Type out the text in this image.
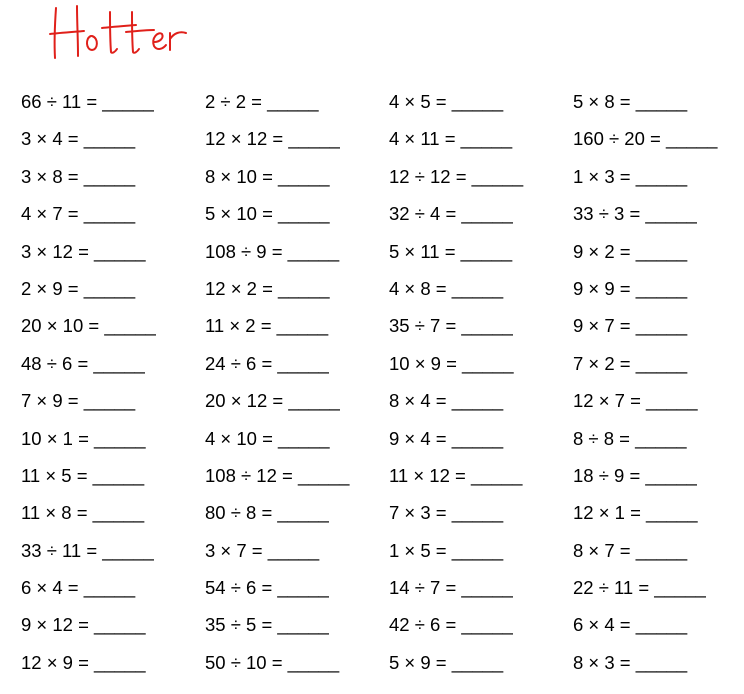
66 ÷ 11 = _____	2 ÷ 2 = _____	4 × 5 = _____	5 × 8 = _____
3 × 4 = _____	12 × 12 = _____	4 × 11 = _____	160 ÷ 20 = _____
3 × 8 = _____	8 × 10 = _____	12 ÷ 12 = _____	1 × 3 = _____
4 × 7 = _____	5 × 10 = _____	32 ÷ 4 = _____	33 ÷ 3 = _____
3 × 12 = _____	108 ÷ 9 = _____	5 × 11 = _____	9 × 2 = _____
2 × 9 = _____	12 × 2 = _____	4 × 8 = _____	9 × 9 = _____
20 × 10 = _____	11 × 2 = _____	35 ÷ 7 = _____	9 × 7 = _____
48 ÷ 6 = _____	24 ÷ 6 = _____	10 × 9 = _____	7 × 2 = _____
7 × 9 = _____	20 × 12 = _____	8 × 4 = _____	12 × 7 = _____
10 × 1 = _____	4 × 10 = _____	9 × 4 = _____	8 ÷ 8 = _____
11 × 5 = _____	108 ÷ 12 = _____ 11 × 12 = _____	18 ÷ 9 = _____
11 × 8 = _____	80 ÷ 8 = _____	7 × 3 = _____	12 × 1 = _____
33 ÷ 11 = _____	3 × 7 = _____	1 × 5 = _____	8 × 7 = _____
6 × 4 = _____	54 ÷ 6 = _____	14 ÷ 7 = _____	22 ÷ 11 = _____
9 × 12 = _____	35 ÷ 5 = _____	42 ÷ 6 = _____	6 × 4 = _____
12 × 9 = _____	50 ÷ 10 = _____	5 × 9 = _____	8 × 3 = _____
